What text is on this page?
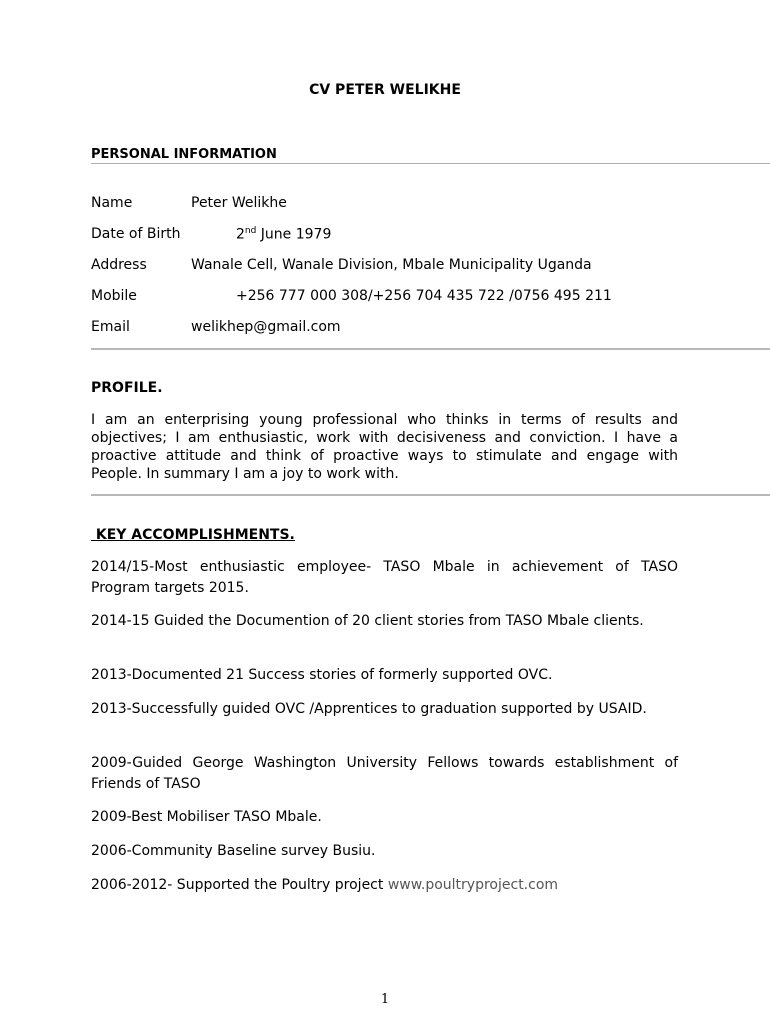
CV PETER WELIKHE
PERSONAL INFORMATION
Name	Peter Welikhe
Date of Birth	2nd June 1979
Address	Wanale Cell, Wanale Division, Mbale Municipality Uganda
Mobile	+256 777 000 308/+256 704 435 722 /0756 495 211
Email	welikhep@gmail.com
PROFILE.
I am an enterprising young professional who thinks in terms of results and objectives; I am enthusiastic, work with decisiveness and conviction. I have a proactive attitude and think of proactive ways to stimulate and engage with People. In summary I am a joy to work with.
KEY ACCOMPLISHMENTS.

2014/15-Most enthusiastic employee- TASO Mbale in achievement of TASO Program targets 2015.

2014-15 Guided the Documention of 20 client stories from TASO Mbale clients.

2013-Documented 21 Success stories of formerly supported OVC.

2013-Successfully guided OVC /Apprentices to graduation supported by USAID.

2009-Guided George Washington University Fellows towards establishment of Friends of TASO

2009-Best Mobiliser TASO Mbale.

2006-Community Baseline survey Busiu.

2006-2012- Supported the Poultry project www.poultryproject.com

1
